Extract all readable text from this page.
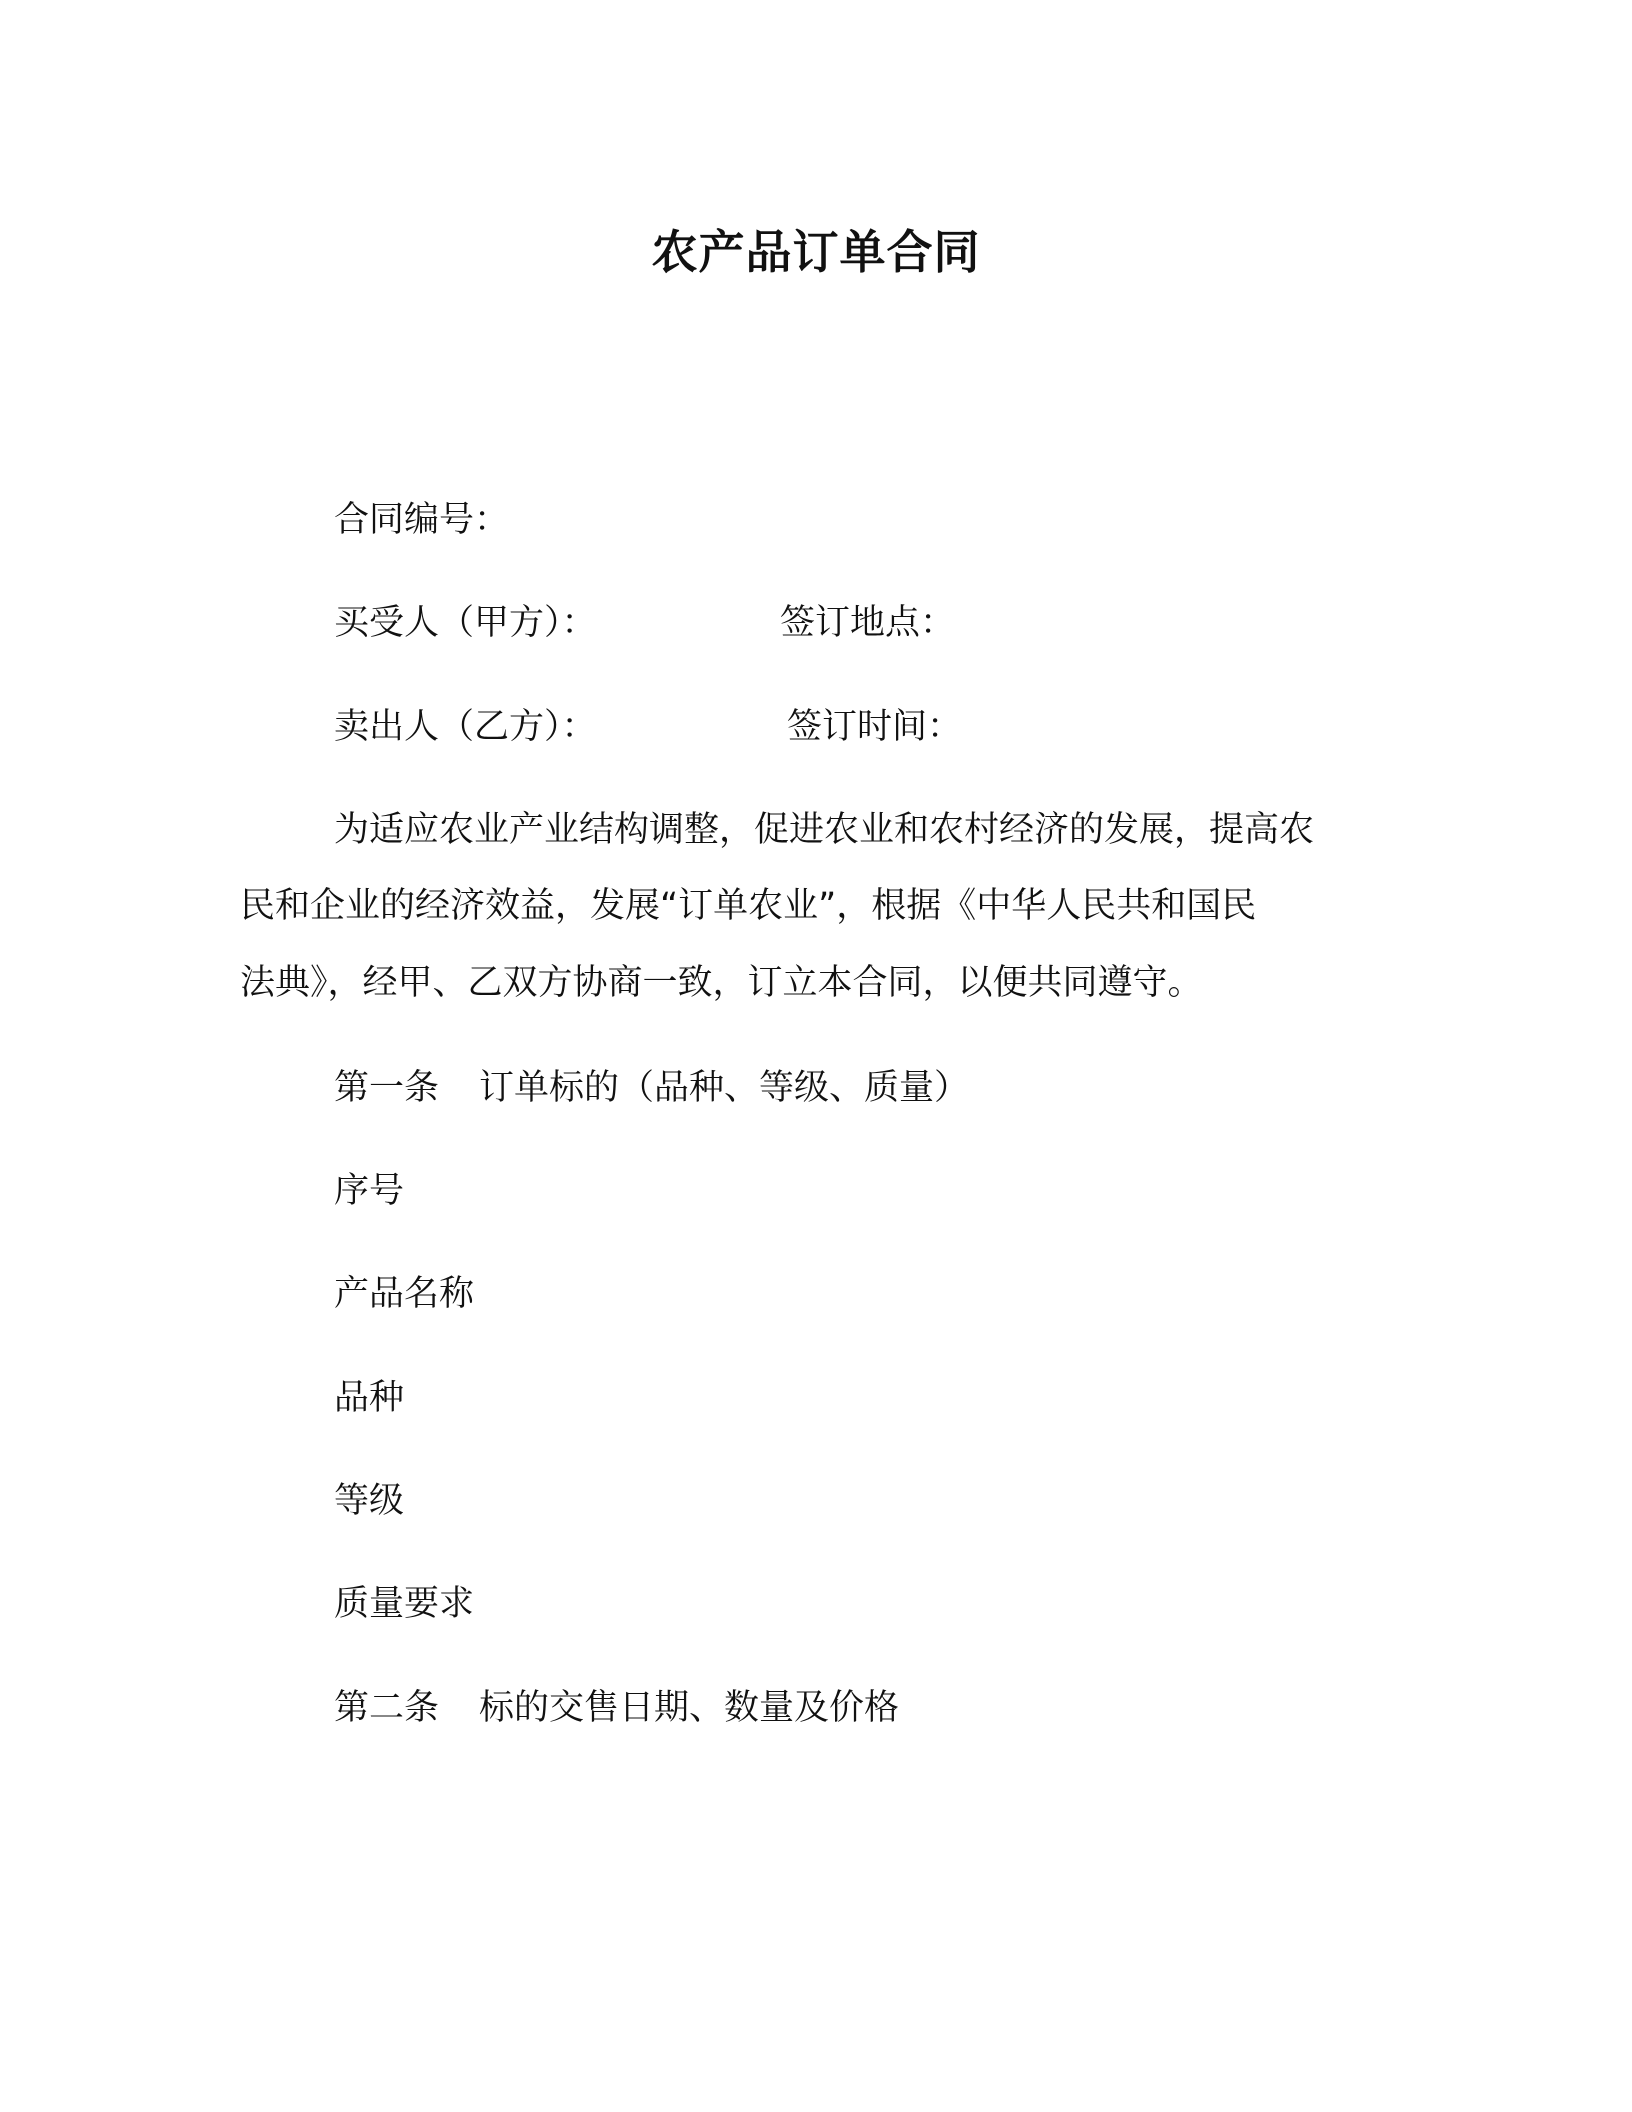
农产品订单合同
合同编号：
买受人（甲方）：	签订地点：
卖出人（乙方）：	签订时间：
为适应农业产业结构调整，促进农业和农村经济的发展，提高农
民和企业的经济效益，发展“订单农业”，根据《中华人民共和国民
法典》，经甲、乙双方协商一致，订立本合同，以便共同遵守。
第一条 订单标的（品种、等级、质量）
序号
产品名称
品种
等级
质量要求
第二条 标的交售日期、数量及价格
